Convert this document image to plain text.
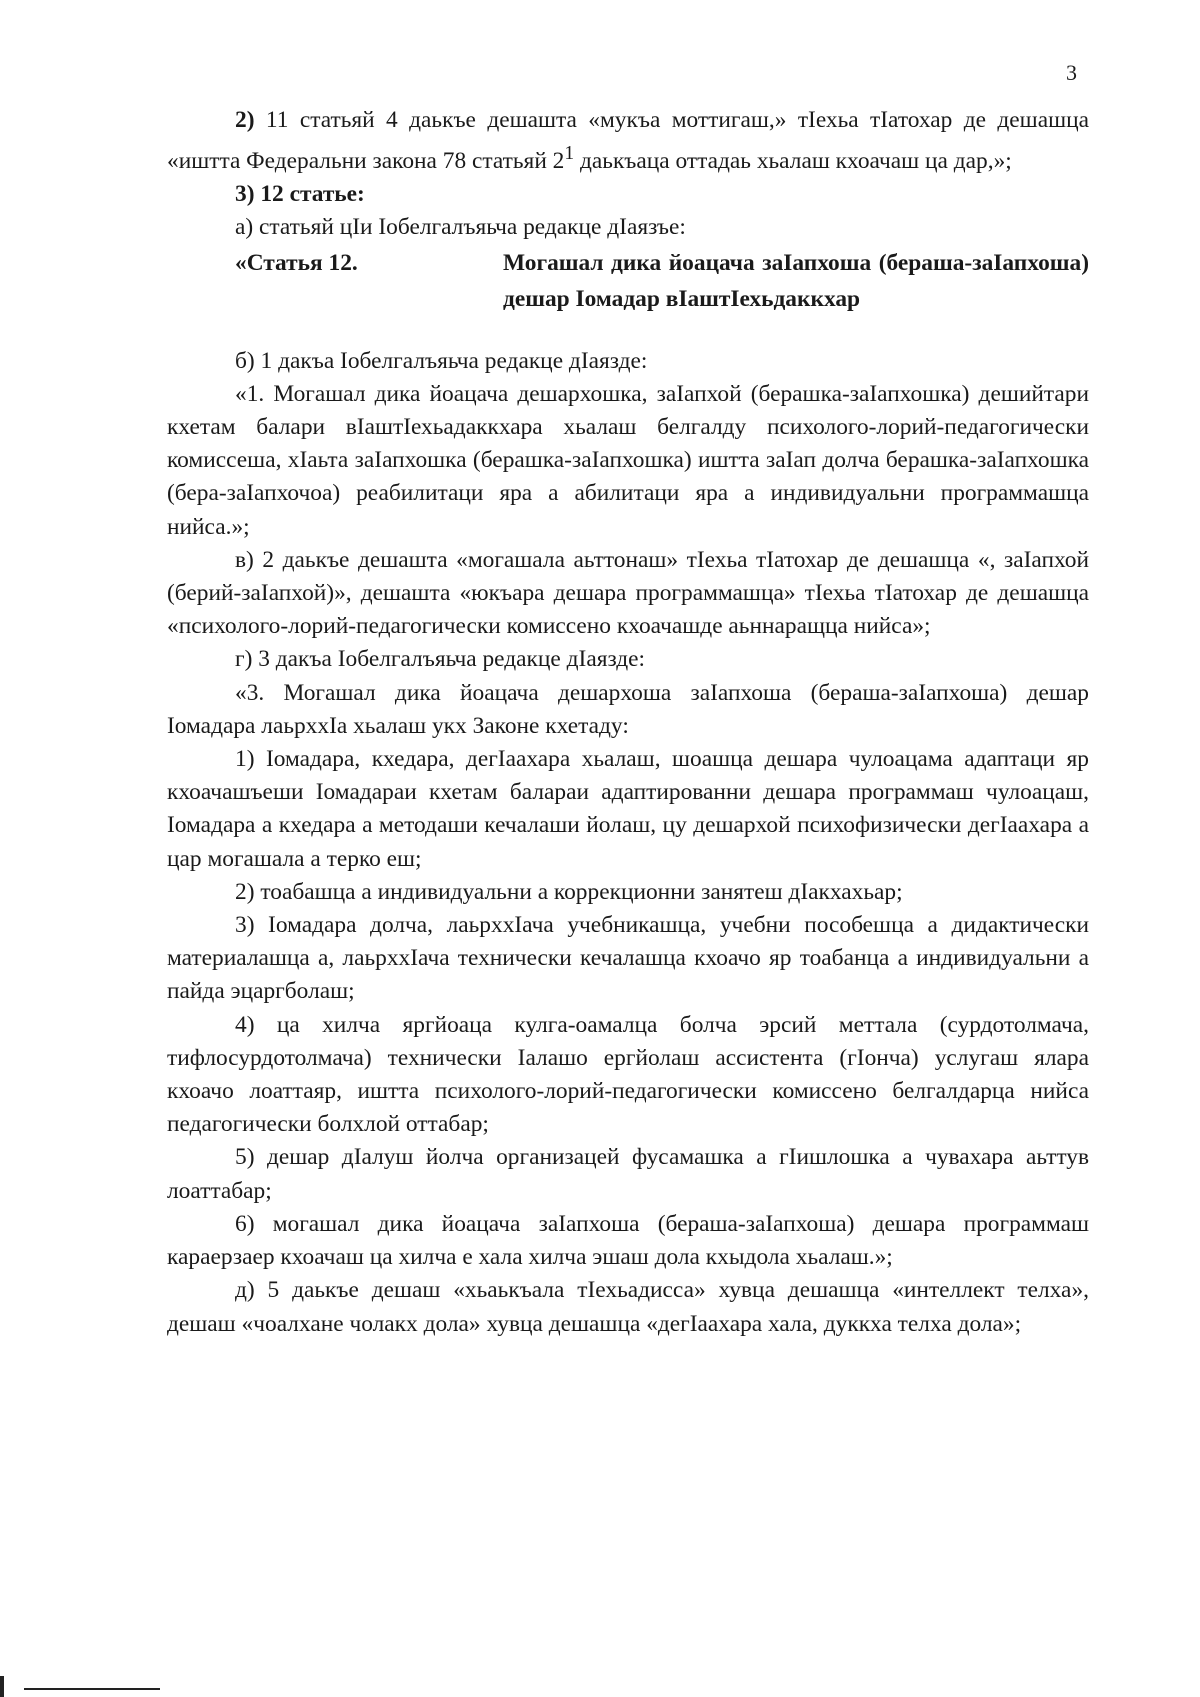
3

2) 11 статьяй 4 даькъе дешашта «мукъа моттигаш,» тIехьа тIатохар де дешашца «иштта Федеральни закона 78 статьяй $2^1$ даькъаца оттадаь хьалаш кхоачаш ца дар,»;

3) 12 статье:

а) статьяй цIи Iобелгалъяьча редакце дIаязъе:

«Статья 12.	Могашал дика йоацача заIапхоша (бераша-заIапхоша) дешар Iомадар вIаштIехьдаккхар

б) 1 дакъа Iобелгалъяьча редакце дIаязде:

«1. Могашал дика йоацача дешархошка, заIапхой (берашка-заIапхошка) дешийтари кхетам балари вIаштIехьадаккхара хьалаш белгалду психолого-лорий-педагогически комиссеша, хIаьта заIапхошка (берашка-заIапхошка) иштта заIап долча берашка-заIапхошка (бера-заIапхочоа) реабилитаци яра а абилитаци яра а индивидуальни программашца нийса.»;

в) 2 даькъе дешашта «могашала аьттонаш» тIехьа тIатохар де дешашца «, заIапхой (берий-заIапхой)», дешашта «юкъара дешара программашца» тIехьа тIатохар де дешашца «психолого-лорий-педагогически комиссено кхоачашде аьннаращца нийса»;

г) 3 дакъа Iобелгалъяьча редакце дIаязде:

«3. Могашал дика йоацача дешархоша заIапхоша (бераша-заIапхоша) дешар Iомадара лаьрххIа хьалаш укх Законе кхетаду:

1) Iомадара, кхедара, дегIаахара хьалаш, шоашца дешара чулоацама адаптаци яр кхоачашъеши Iомадараи кхетам балараи адаптированни дешара программаш чулоацаш, Iомадара а кхедара а методаши кечалаши йолаш, цу дешархой психофизически дегIаахара а цар могашала а терко еш;

2) тоабашца а индивидуальни а коррекционни занятеш дIакхахьар;

3) Iомадара долча, лаьрххIача учебникашца, учебни пособешца а дидактически материалашца а, лаьрххIача технически кечалашца кхоачо яр тоабанца а индивидуальни а пайда эцаргболаш;

4) ца хилча яргйоаца кулга-оамалца болча эрсий меттала (сурдотолмача, тифлосурдотолмача) технически Iалашо ергйолаш ассистента (гIонча) услугаш ялара кхоачо лоаттаяр, иштта психолого-лорий-педагогически комиссено белгалдарца нийса педагогически болхлой оттабар;

5) дешар дIалуш йолча организацей фусамашка а гIишлошка а чувахара аьттув лоаттабар;

6) могашал дика йоацача заIапхоша (бераша-заIапхоша) дешара программаш караерзаер кхоачаш ца хилча е хала хилча эшаш дола кхыдола хьалаш.»;

д) 5 даькъе дешаш «хьаькъала тIехьадисса» хувца дешашца «интеллект телха», дешаш «чоалхане чолакх дола» хувца дешашца «дегIаахара хала, дуккха телха дола»;
